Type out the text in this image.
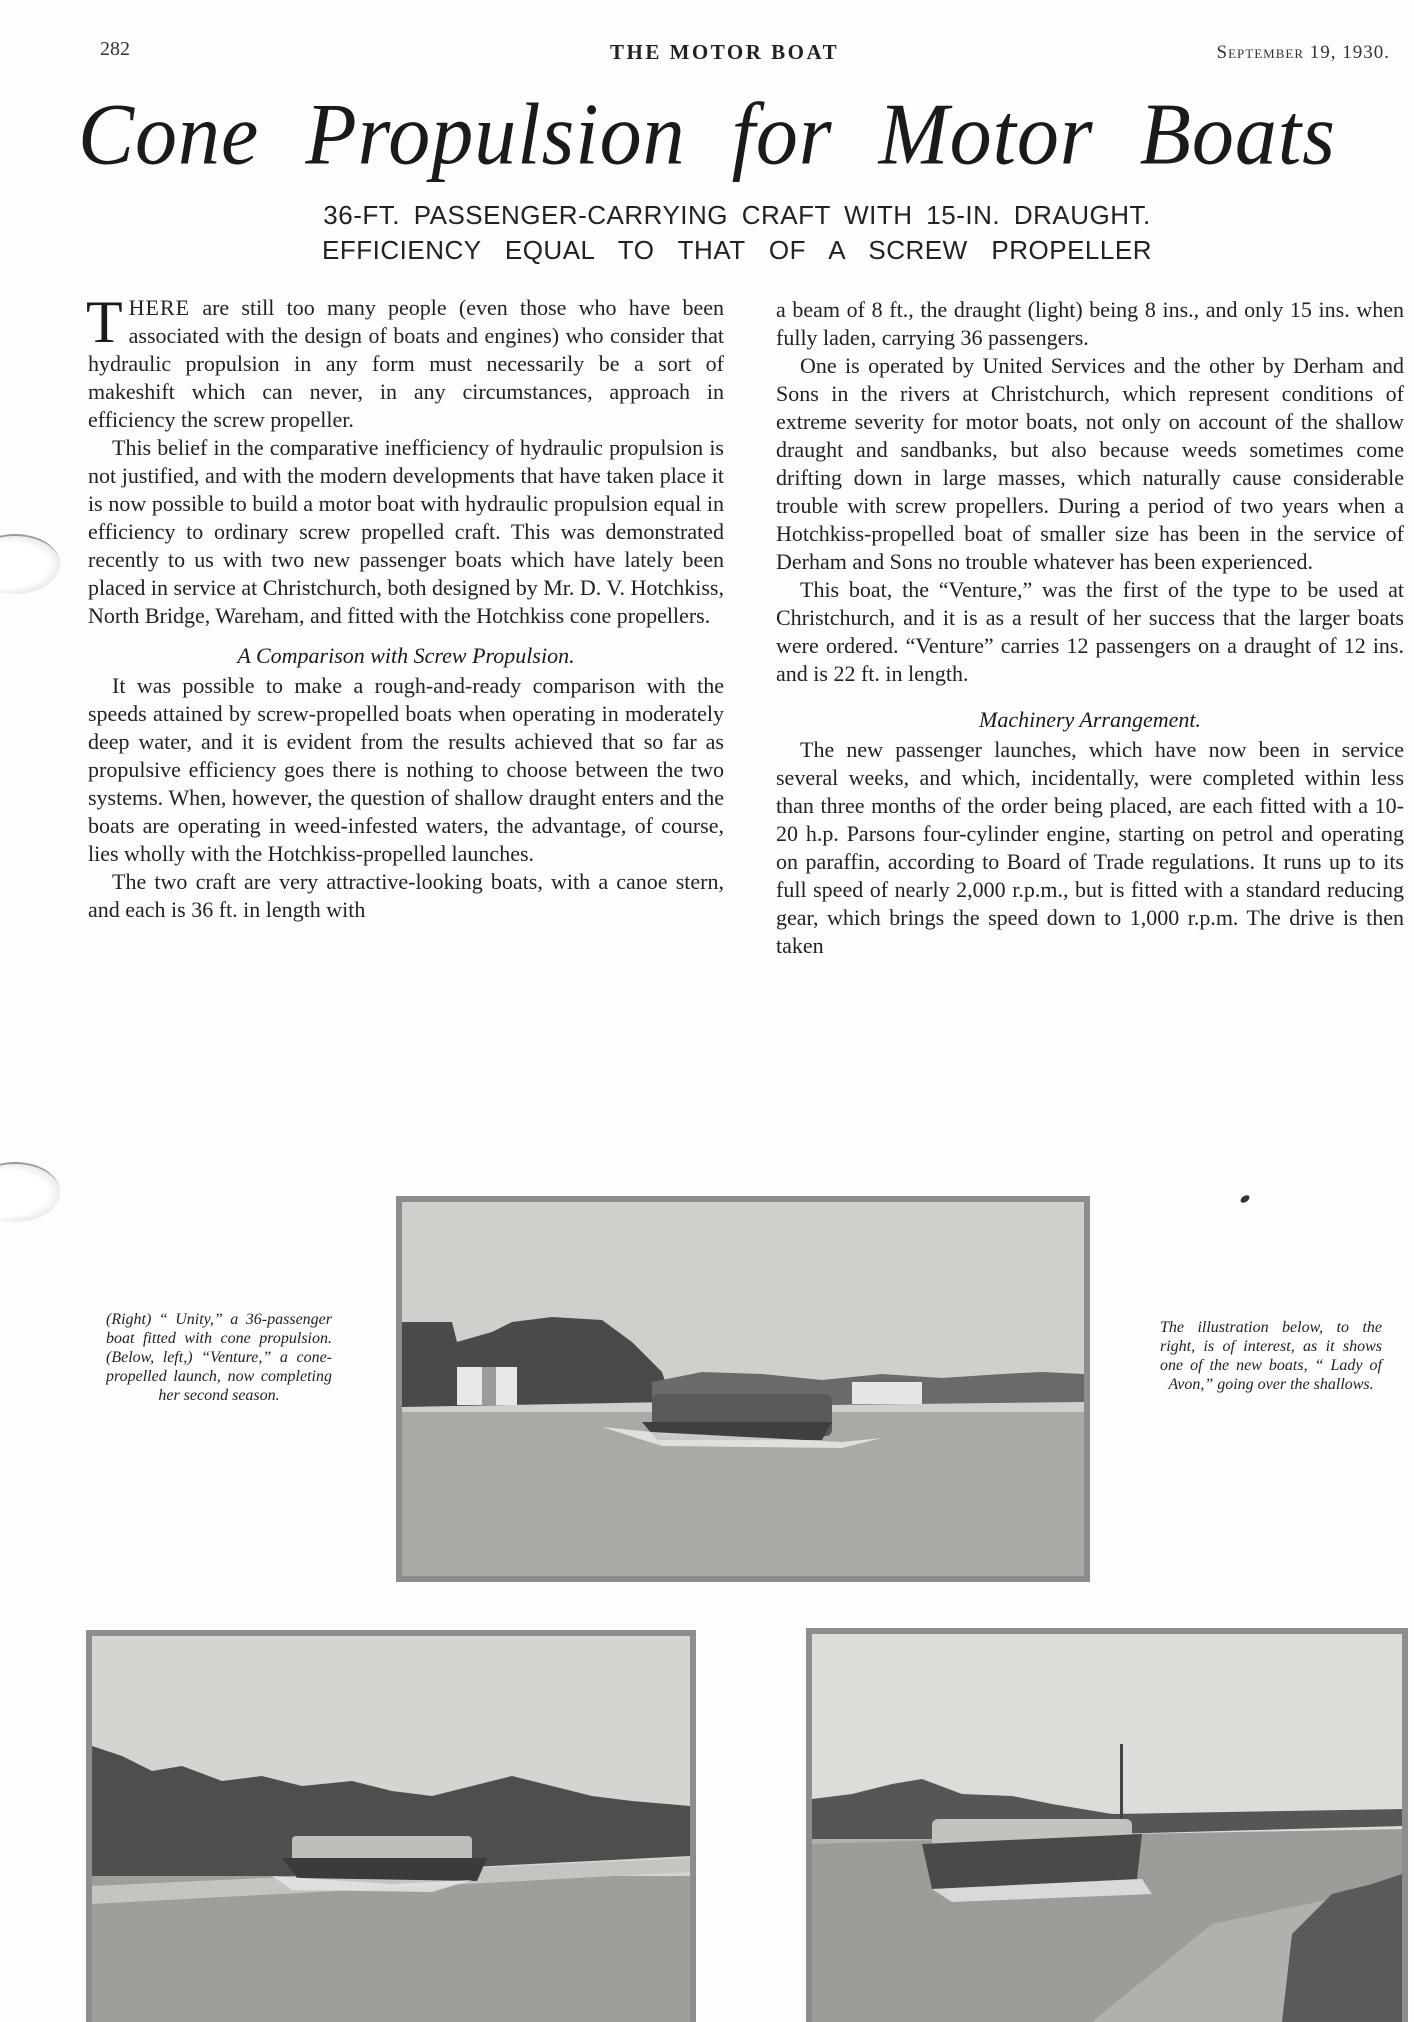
282	THE MOTOR BOAT	September 19, 1930.
Cone Propulsion for Motor Boats
36-FT. PASSENGER-CARRYING CRAFT WITH 15-IN. DRAUGHT.
EFFICIENCY EQUAL TO THAT OF A SCREW PROPELLER

THERE are still too many people (even those who have been associated with the design of boats and engines) who consider that hydraulic propulsion in any form must necessarily be a sort of makeshift which can never, in any circumstances, approach in efficiency the screw propeller.

This belief in the comparative inefficiency of hydraulic propulsion is not justified, and with the modern developments that have taken place it is now possible to build a motor boat with hydraulic propulsion equal in efficiency to ordinary screw propelled craft. This was demonstrated recently to us with two new passenger boats which have lately been placed in service at Christchurch, both designed by Mr. D. V. Hotchkiss, North Bridge, Wareham, and fitted with the Hotchkiss cone propellers.

A Comparison with Screw Propulsion.

It was possible to make a rough-and-ready comparison with the speeds attained by screw-propelled boats when operating in moderately deep water, and it is evident from the results achieved that so far as propulsive efficiency goes there is nothing to choose between the two systems. When, however, the question of shallow draught enters and the boats are operating in weed-infested waters, the advantage, of course, lies wholly with the Hotchkiss-propelled launches.

The two craft are very attractive-looking boats, with a canoe stern, and each is 36 ft. in length with

a beam of 8 ft., the draught (light) being 8 ins., and only 15 ins. when fully laden, carrying 36 passengers.

One is operated by United Services and the other by Derham and Sons in the rivers at Christchurch, which represent conditions of extreme severity for motor boats, not only on account of the shallow draught and sandbanks, but also because weeds sometimes come drifting down in large masses, which naturally cause considerable trouble with screw propellers. During a period of two years when a Hotchkiss-propelled boat of smaller size has been in the service of Derham and Sons no trouble whatever has been experienced.

This boat, the “Venture,” was the first of the type to be used at Christchurch, and it is as a result of her success that the larger boats were ordered. “Venture” carries 12 passengers on a draught of 12 ins. and is 22 ft. in length.

Machinery Arrangement.

The new passenger launches, which have now been in service several weeks, and which, incidentally, were completed within less than three months of the order being placed, are each fitted with a 10-20 h.p. Parsons four-cylinder engine, starting on petrol and operating on paraffin, according to Board of Trade regulations. It runs up to its full speed of nearly 2,000 r.p.m., but is fitted with a standard reducing gear, which brings the speed down to 1,000 r.p.m. The drive is then taken

(Right) “ Unity,” a 36-passenger boat fitted with cone propulsion. (Below, left,) “Venture,” a cone-propelled launch, now completing her second season.
The illustration below, to the right, is of interest, as it shows one of the new boats, “ Lady of Avon,” going over the shallows.
